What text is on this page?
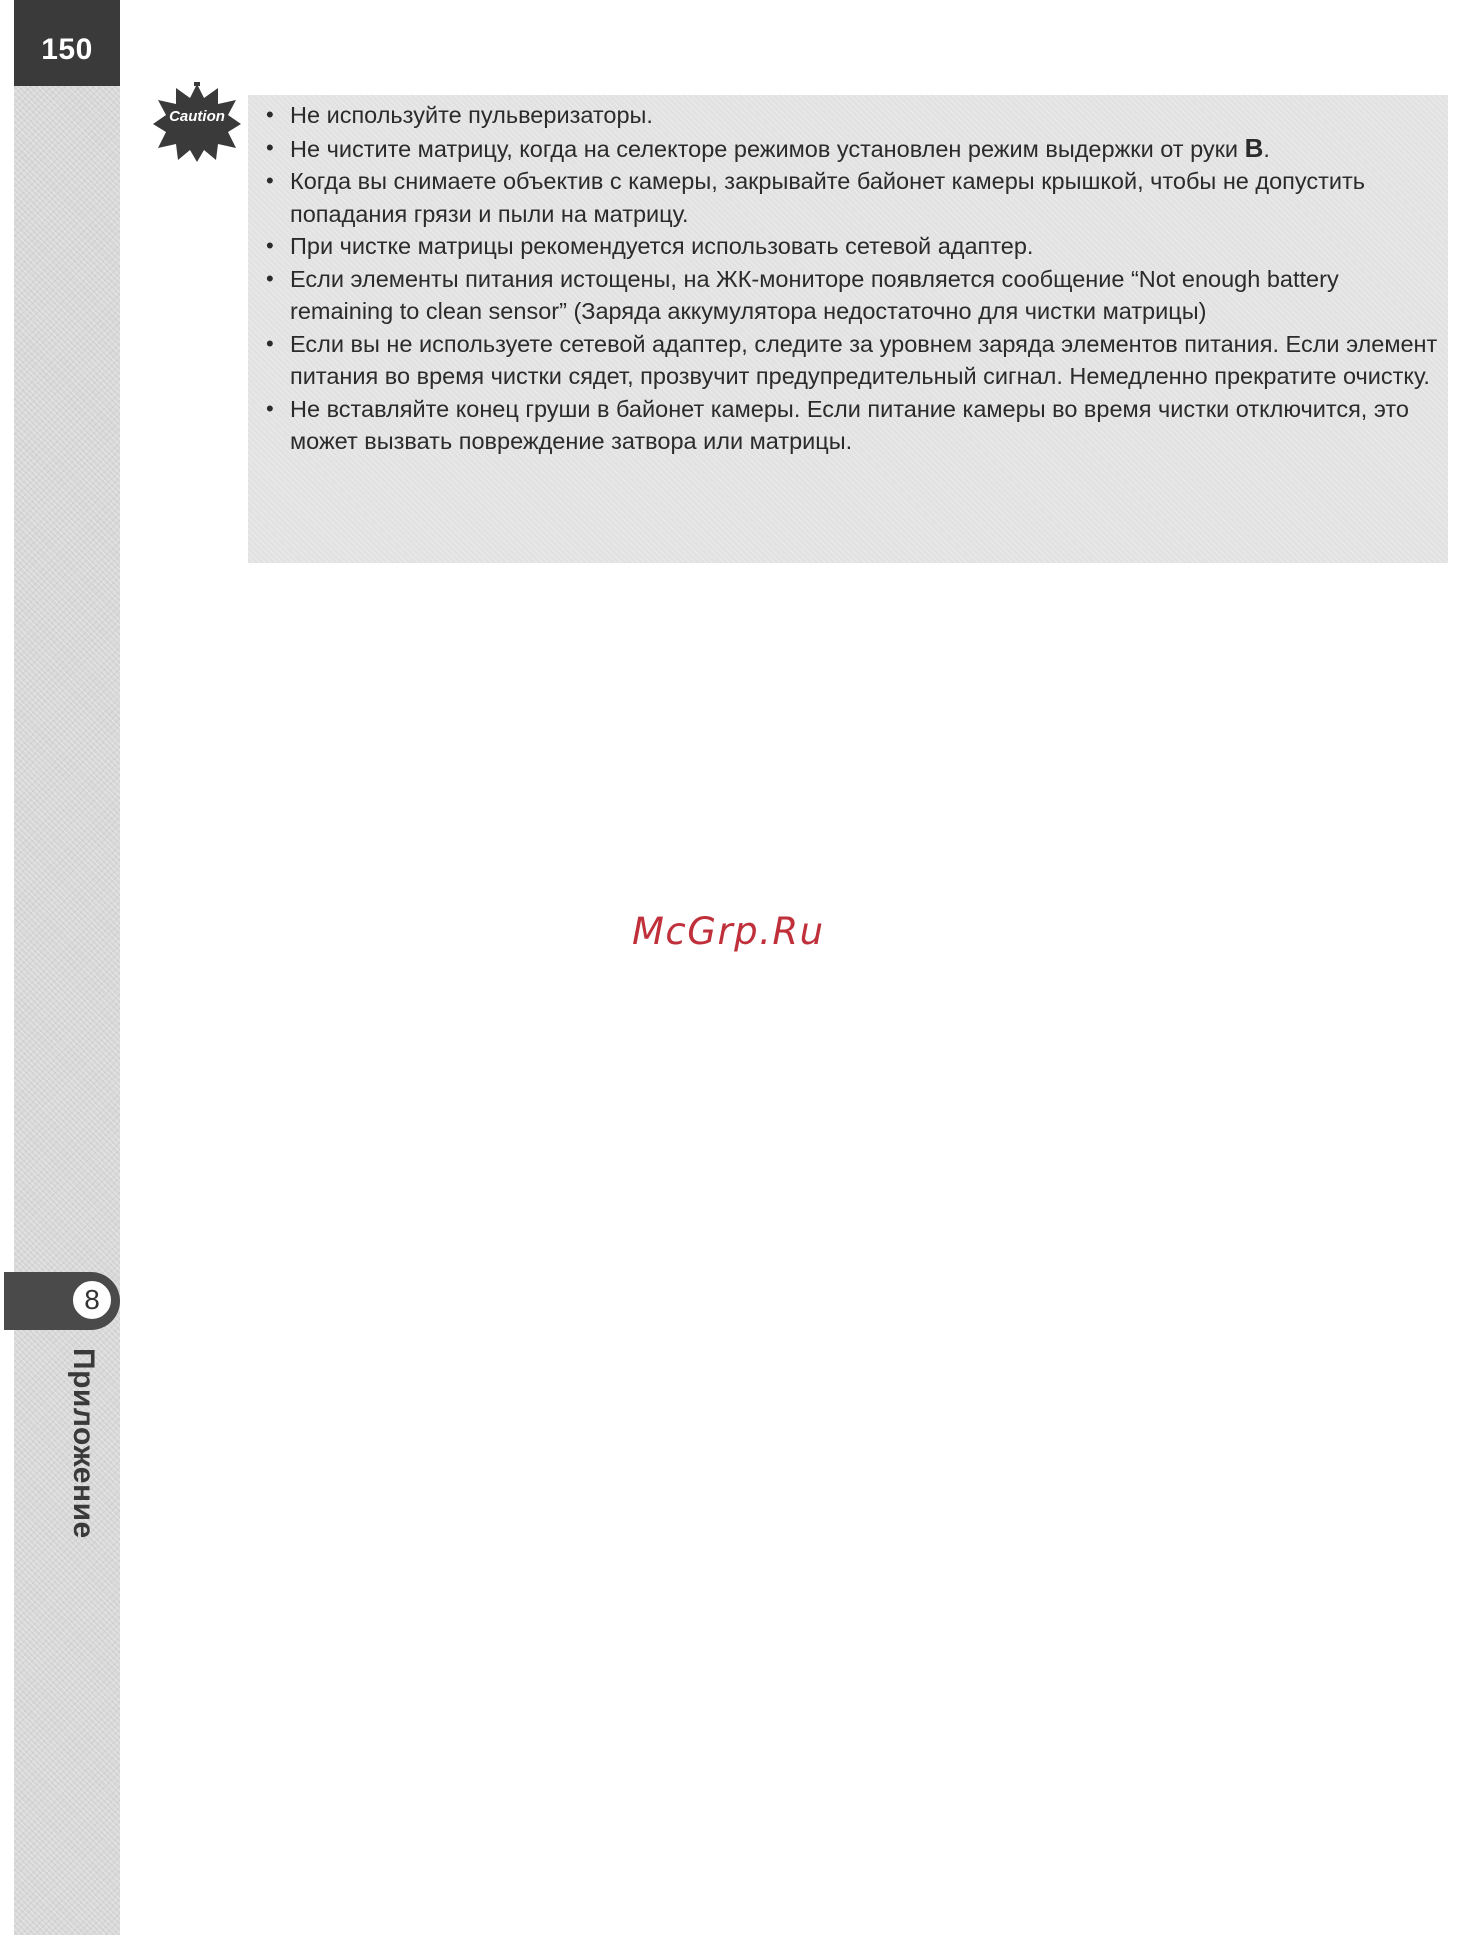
150
8
Приложение
Caution
•	Не используйте пульверизаторы.
• Не чистите матрицу, когда на селекторе режимов установлен режим выдержки от руки B.
• Когда вы снимаете объектив с камеры, закрывайте байонет камеры крышкой, чтобы не допустить попадания грязи и пыли на матрицу.
• При чистке матрицы рекомендуется использовать сетевой адаптер.
• Если элементы питания истощены, на ЖК-мониторе появляется сообщение “Not enough battery remaining to clean sensor” (Заряда аккумулятора недостаточно для чистки матрицы)
• Если вы не используете сетевой адаптер, следите за уровнем заряда элементов питания. Если элемент питания во время чистки сядет, прозвучит предупредительный сигнал. Немедленно прекратите очистку.
• Не вставляйте конец груши в байонет камеры. Если питание камеры во время чистки отключится, это может вызвать повреждение затвора или матрицы.
McGrp.Ru
